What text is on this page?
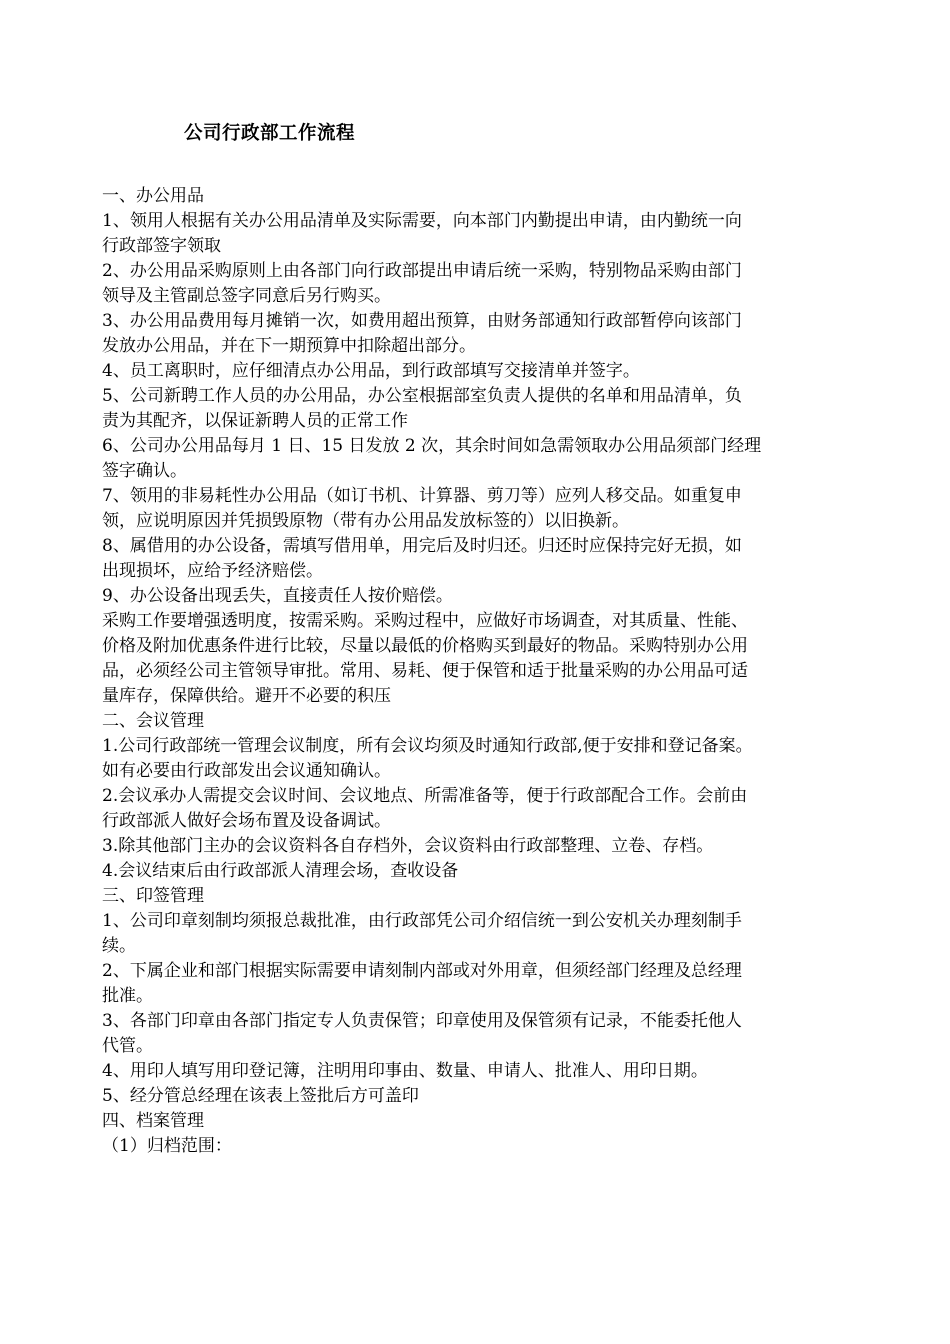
公司行政部工作流程
一、办公用品
1、领用人根据有关办公用品清单及实际需要，向本部门内勤提出申请，由内勤统一向
行政部签字领取
2、办公用品采购原则上由各部门向行政部提出申请后统一采购，特别物品采购由部门
领导及主管副总签字同意后另行购买。
3、办公用品费用每月摊销一次，如费用超出预算，由财务部通知行政部暂停向该部门
发放办公用品，并在下一期预算中扣除超出部分。
4、员工离职时，应仔细清点办公用品，到行政部填写交接清单并签字。
5、公司新聘工作人员的办公用品，办公室根据部室负责人提供的名单和用品清单，负
责为其配齐，以保证新聘人员的正常工作
6、公司办公用品每月 1 日、15 日发放 2 次，其余时间如急需领取办公用品须部门经理
签字确认。
7、领用的非易耗性办公用品（如订书机、计算器、剪刀等）应列人移交品。如重复申
领，应说明原因并凭损毁原物（带有办公用品发放标签的）以旧换新。
8、属借用的办公设备，需填写借用单，用完后及时归还。归还时应保持完好无损，如
出现损坏，应给予经济赔偿。
9、办公设备出现丢失，直接责任人按价赔偿。
采购工作要增强透明度，按需采购。采购过程中，应做好市场调查，对其质量、性能、
价格及附加优惠条件进行比较，尽量以最低的价格购买到最好的物品。采购特别办公用
品，必须经公司主管领导审批。常用、易耗、便于保管和适于批量采购的办公用品可适
量库存，保障供给。避开不必要的积压
二、会议管理
1.公司行政部统一管理会议制度，所有会议均须及时通知行政部,便于安排和登记备案。
如有必要由行政部发出会议通知确认。
2.会议承办人需提交会议时间、会议地点、所需准备等，便于行政部配合工作。会前由
行政部派人做好会场布置及设备调试。
3.除其他部门主办的会议资料各自存档外，会议资料由行政部整理、立卷、存档。
4.会议结束后由行政部派人清理会场，查收设备
三、印签管理
1、公司印章刻制均须报总裁批准，由行政部凭公司介绍信统一到公安机关办理刻制手
续。
2、下属企业和部门根据实际需要申请刻制内部或对外用章，但须经部门经理及总经理
批准。
3、各部门印章由各部门指定专人负责保管；印章使用及保管须有记录，不能委托他人
代管。
4、用印人填写用印登记簿，注明用印事由、数量、申请人、批准人、用印日期。
5、经分管总经理在该表上签批后方可盖印
四、档案管理
（1）归档范围：
